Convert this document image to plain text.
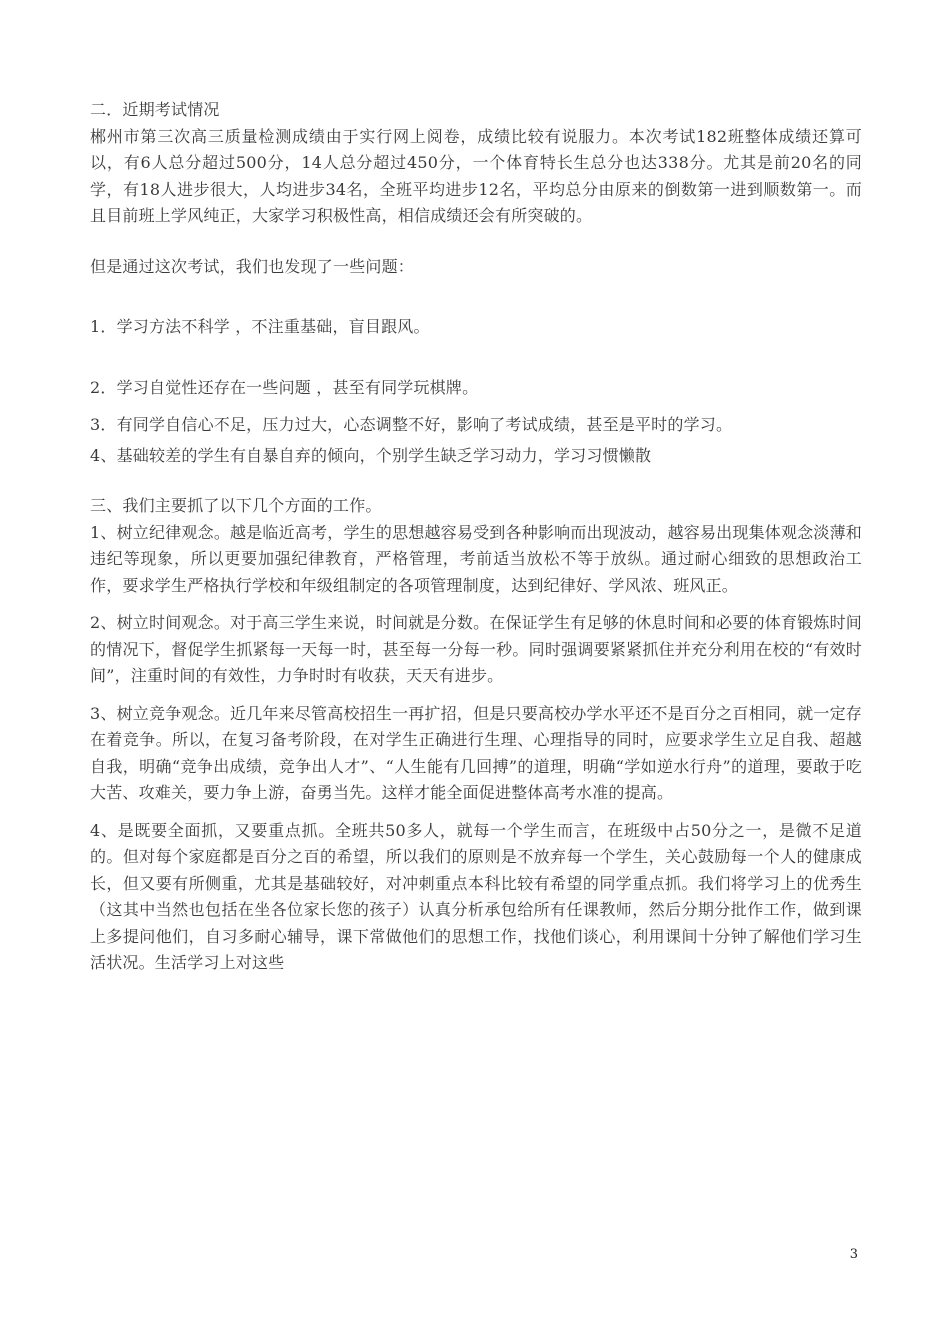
二．近期考试情况

郴州市第三次高三质量检测成绩由于实行网上阅卷，成绩比较有说服力。本次考试182班整体成绩还算可以，有6人总分超过500分，14人总分超过450分，一个体育特长生总分也达338分。尤其是前20名的同学，有18人进步很大，人均进步34名，全班平均进步12名，平均总分由原来的倒数第一进到顺数第一。而且目前班上学风纯正，大家学习积极性高，相信成绩还会有所突破的。

但是通过这次考试，我们也发现了一些问题：

1．学习方法不科学 ，不注重基础，盲目跟风。

2．学习自觉性还存在一些问题 ，甚至有同学玩棋牌。

3．有同学自信心不足，压力过大，心态调整不好，影响了考试成绩，甚至是平时的学习。

4、基础较差的学生有自暴自弃的倾向，个别学生缺乏学习动力，学习习惯懒散

三、我们主要抓了以下几个方面的工作。

1、树立纪律观念。越是临近高考，学生的思想越容易受到各种影响而出现波动，越容易出现集体观念淡薄和违纪等现象，所以更要加强纪律教育，严格管理，考前适当放松不等于放纵。通过耐心细致的思想政治工作，要求学生严格执行学校和年级组制定的各项管理制度，达到纪律好、学风浓、班风正。

2、树立时间观念。对于高三学生来说，时间就是分数。在保证学生有足够的休息时间和必要的体育锻炼时间的情况下，督促学生抓紧每一天每一时，甚至每一分每一秒。同时强调要紧紧抓住并充分利用在校的“有效时间”，注重时间的有效性，力争时时有收获，天天有进步。

3、树立竞争观念。近几年来尽管高校招生一再扩招，但是只要高校办学水平还不是百分之百相同，就一定存在着竞争。所以，在复习备考阶段，在对学生正确进行生理、心理指导的同时，应要求学生立足自我、超越自我，明确“竞争出成绩，竞争出人才”、“人生能有几回搏”的道理，明确“学如逆水行舟”的道理，要敢于吃大苦、攻难关，要力争上游，奋勇当先。这样才能全面促进整体高考水准的提高。

4、是既要全面抓，又要重点抓。全班共50多人，就每一个学生而言，在班级中占50分之一，是微不足道的。但对每个家庭都是百分之百的希望，所以我们的原则是不放弃每一个学生，关心鼓励每一个人的健康成长，但又要有所侧重，尤其是基础较好，对冲刺重点本科比较有希望的同学重点抓。我们将学习上的优秀生（这其中当然也包括在坐各位家长您的孩子）认真分析承包给所有任课教师，然后分期分批作工作，做到课上多提问他们，自习多耐心辅导，课下常做他们的思想工作，找他们谈心，利用课间十分钟了解他们学习生活状况。生活学习上对这些

3
